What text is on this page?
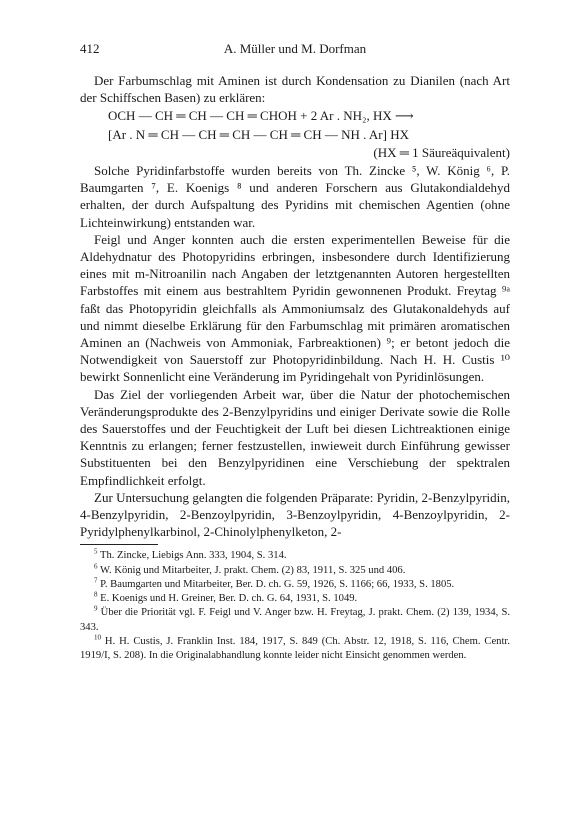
412	A. Müller und M. Dorfman

Der Farbumschlag mit Aminen ist durch Kondensation zu Dianilen (nach Art der Schiffschen Basen) zu erklären:

OCH — CH ═ CH — CH ═ CHOH + 2 Ar . NH₂, HX ⟶
[Ar . N ═ CH — CH ═ CH — CH ═ CH — NH . Ar] HX
(HX ═ 1 Säureäquivalent)

Solche Pyridinfarbstoffe wurden bereits von Th. Zincke ⁵, W. König ⁶, P. Baumgarten ⁷, E. Koenigs ⁸ und anderen Forschern aus Glutakondialdehyd erhalten, der durch Aufspaltung des Pyridins mit chemischen Agentien (ohne Lichteinwirkung) entstanden war.

Feigl und Anger konnten auch die ersten experimentellen Beweise für die Aldehydnatur des Photopyridins erbringen, insbesondere durch Identifizierung eines mit m-Nitroanilin nach Angaben der letztgenannten Autoren hergestellten Farbstoffes mit einem aus bestrahltem Pyridin gewonnenen Produkt. Freytag ⁹ᵃ faßt das Photopyridin gleichfalls als Ammoniumsalz des Glutakonaldehyds auf und nimmt dieselbe Erklärung für den Farbumschlag mit primären aromatischen Aminen an (Nachweis von Ammoniak, Farbreaktionen) ⁹; er betont jedoch die Notwendigkeit von Sauerstoff zur Photopyridinbildung. Nach H. H. Custis ¹⁰ bewirkt Sonnenlicht eine Veränderung im Pyridingehalt von Pyridinlösungen.

Das Ziel der vorliegenden Arbeit war, über die Natur der photochemischen Veränderungsprodukte des 2-Benzylpyridins und einiger Derivate sowie die Rolle des Sauerstoffes und der Feuchtigkeit der Luft bei diesen Lichtreaktionen einige Kenntnis zu erlangen; ferner festzustellen, inwieweit durch Einführung gewisser Substituenten bei den Benzylpyridinen eine Verschiebung der spektralen Empfindlichkeit erfolgt.

Zur Untersuchung gelangten die folgenden Präparate: Pyridin, 2-Benzylpyridin, 4-Benzylpyridin, 2-Benzoylpyridin, 3-Benzoylpyridin, 4-Benzoylpyridin, 2-Pyridylphenylkarbinol, 2-Chinolylphenylketon, 2-

$^5$ Th. Zincke, Liebigs Ann. 333, 1904, S. 314.

$^6$ W. König und Mitarbeiter, J. prakt. Chem. (2) 83, 1911, S. 325 und 406.

$^7$ P. Baumgarten und Mitarbeiter, Ber. D. ch. G. 59, 1926, S. 1166; 66, 1933, S. 1805.

$^8$ E. Koenigs und H. Greiner, Ber. D. ch. G. 64, 1931, S. 1049.

$^9$ Über die Priorität vgl. F. Feigl und V. Anger bzw. H. Freytag, J. prakt. Chem. (2) 139, 1934, S. 343.

$^{10}$ H. H. Custis, J. Franklin Inst. 184, 1917, S. 849 (Ch. Abstr. 12, 1918, S. 116, Chem. Centr. 1919/I, S. 208). In die Originalabhandlung konnte leider nicht Einsicht genommen werden.
